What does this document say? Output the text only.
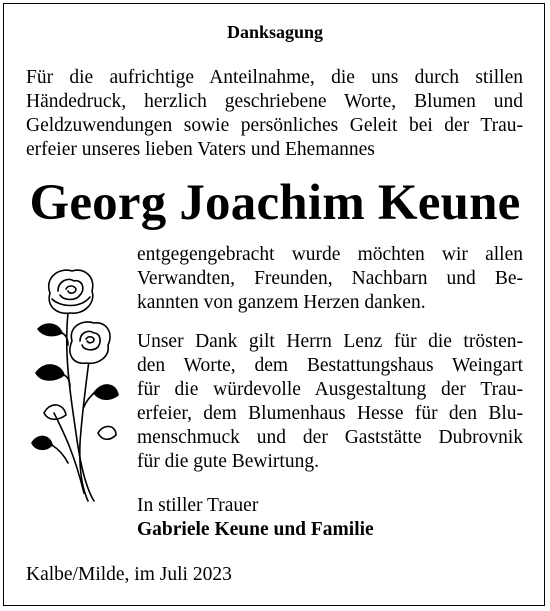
Danksagung
Für die aufrichtige Anteilnahme, die uns durch stillen
Händedruck, herzlich geschriebene Worte, Blumen und
Geldzuwendungen sowie persönliches Geleit bei der Trau-
erfeier unseres lieben Vaters und Ehemannes
Georg Joachim Keune
entgegengebracht wurde möchten wir allen
Verwandten, Freunden, Nachbarn und Be-
kannten von ganzem Herzen danken.
Unser Dank gilt Herrn Lenz für die trösten-
den Worte, dem Bestattungshaus Weingart
für die würdevolle Ausgestaltung der Trau-
erfeier, dem Blumenhaus Hesse für den Blu-
menschmuck und der Gaststätte Dubrovnik
für die gute Bewirtung.
In stiller Trauer
Gabriele Keune und Familie
Kalbe/Milde, im Juli 2023
